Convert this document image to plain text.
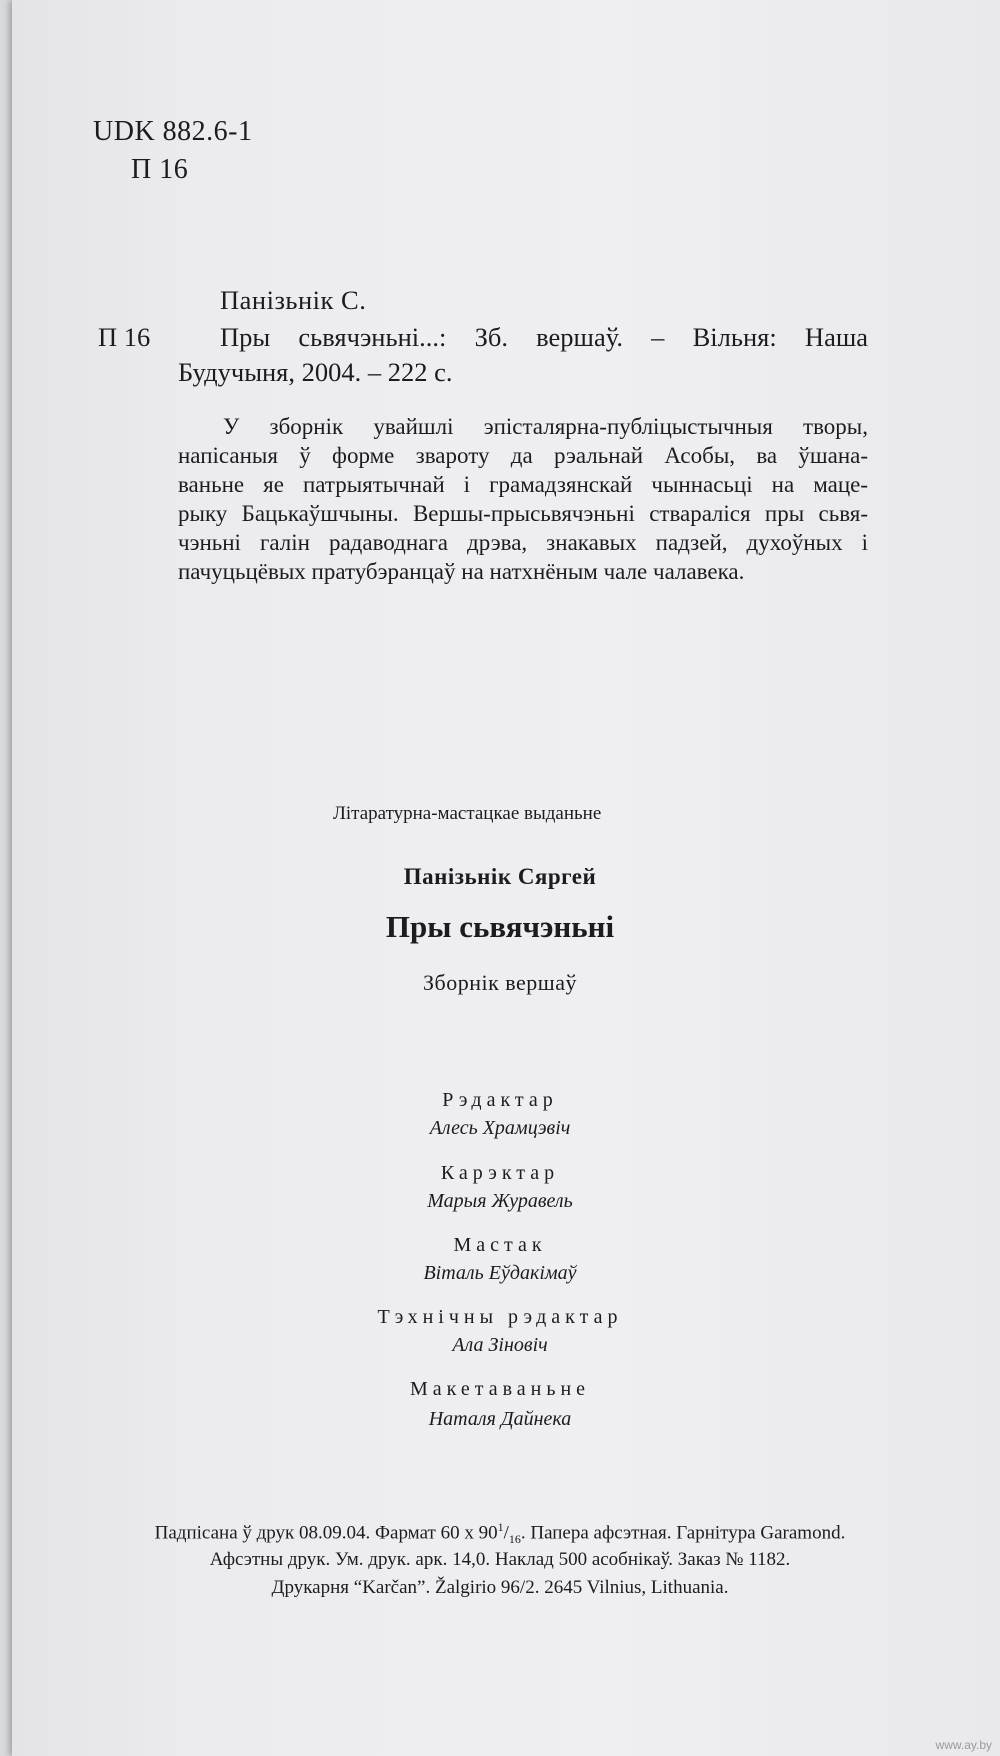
UDK 882.6-1
П 16
Панізьнік С.
П 16	Пры сьвячэньні...: Зб. вершаў. – Вільня: Наша
Будучыня, 2004. – 222 с.
У зборнік увайшлі эпісталярна-публіцыстычныя творы,
напісаныя ў форме звароту да рэальнай Асобы, ва ўшана-
ваньне яе патрыятычнай і грамадзянскай чыннасьці на маце-
рыку Бацькаўшчыны. Вершы-прысьвячэньні стварaліся пры сьвя-
чэньні галін радаводнага дрэва, знакавых падзей, духоўных і
пачуцьцёвых пратубэранцаў на натхнёным чале чалавека.
Літаратурна-мастацкае выданьне
Панізьнік Сяргей
Пры сьвячэньні
Зборнік вершаў
Рэдактар
Алесь Храмцэвіч
Карэктар
Марыя Журавель
Мастак
Віталь Еўдакімаў
Тэхнічны рэдактар
Ала Зіновіч
Макетаваньне
Наталя Дайнека
Падпісана ў друк 08.09.04. Фармат 60 х $90^1/_{16}$. Папера афсэтная. Гарнітура Garamond.
Афсэтны друк. Ум. друк. арк. 14,0. Наклад 500 асобнікаў. Заказ № 1182.
Друкарня “Karčan”. Žalgirio 96/2. 2645 Vilnius, Lithuania.
www.ay.by
